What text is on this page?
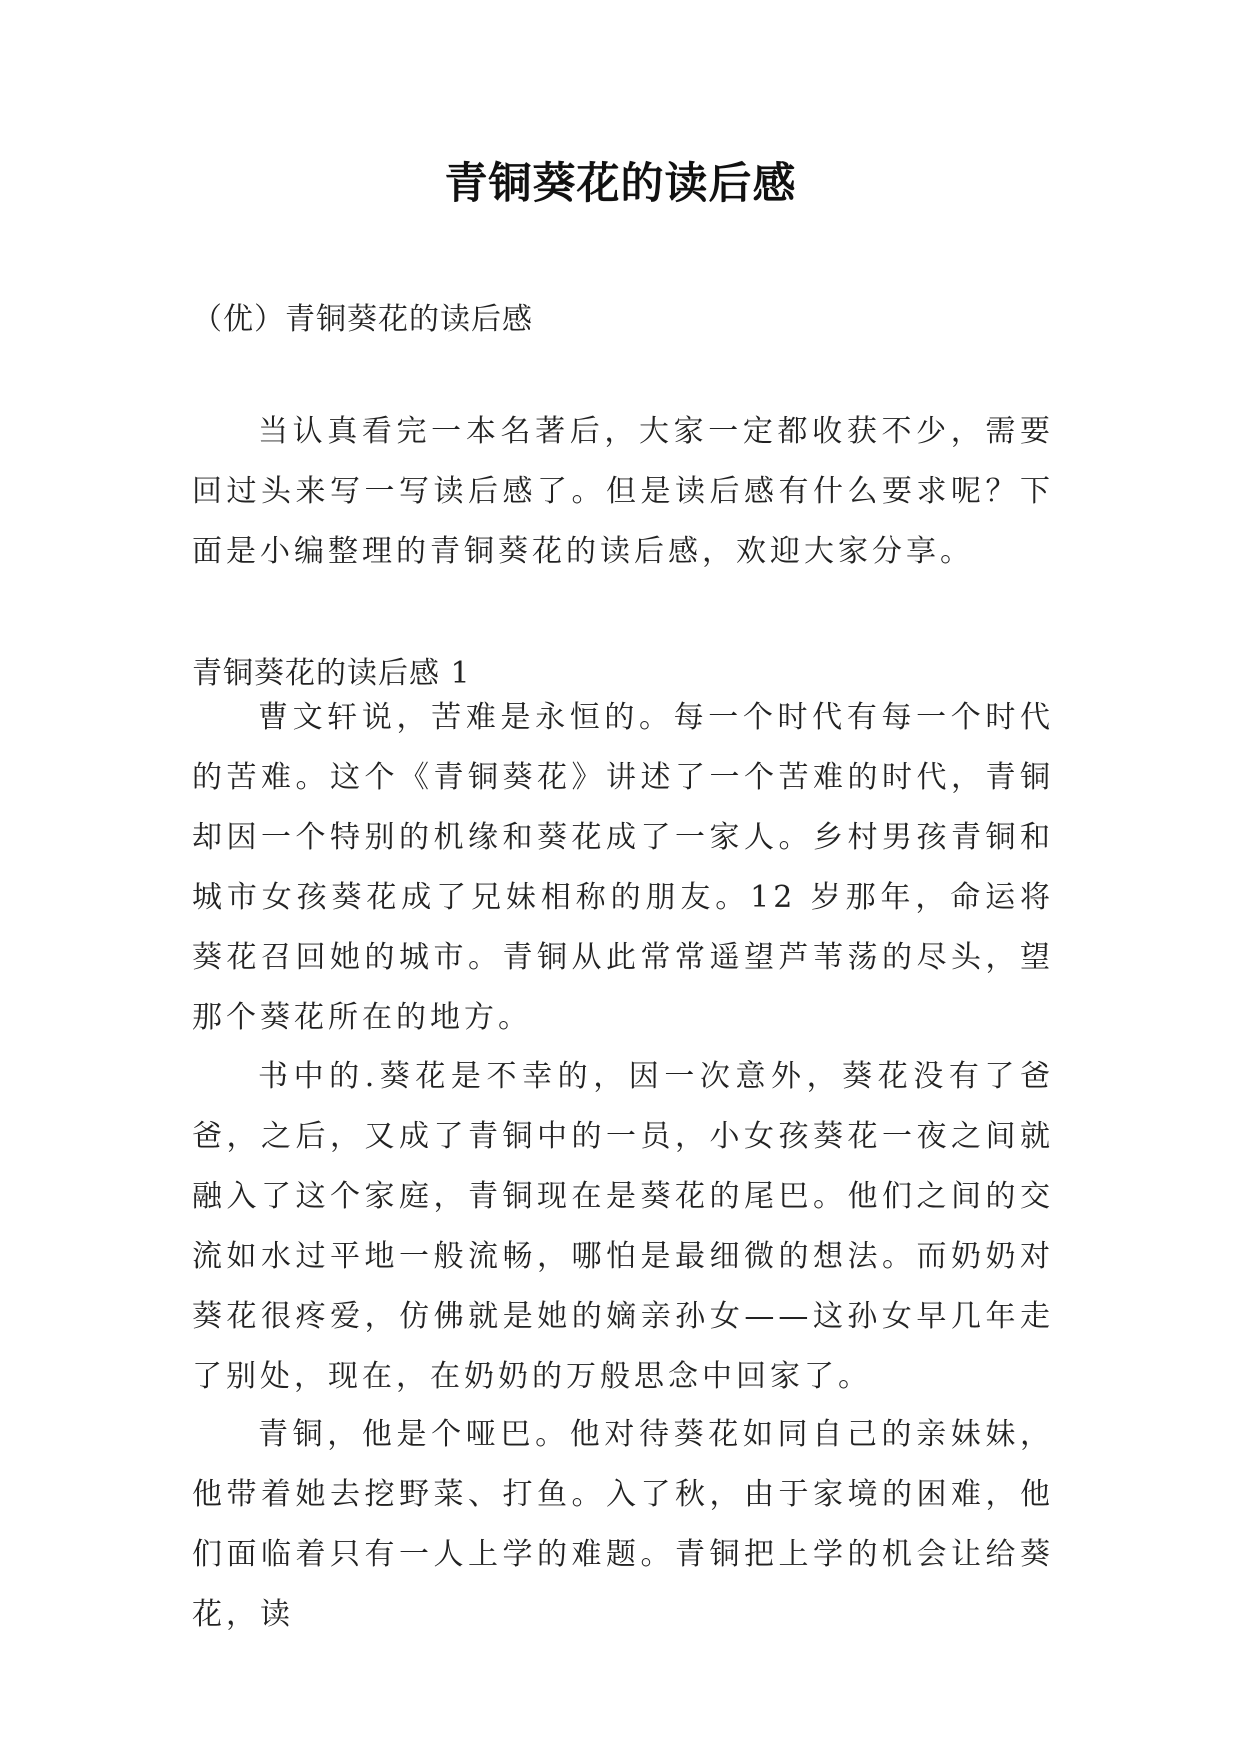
青铜葵花的读后感
（优）青铜葵花的读后感

当认真看完一本名著后，大家一定都收获不少，需要回过头来写一写读后感了。但是读后感有什么要求呢？下面是小编整理的青铜葵花的读后感，欢迎大家分享。

青铜葵花的读后感 1

曹文轩说，苦难是永恒的。每一个时代有每一个时代的苦难。这个《青铜葵花》讲述了一个苦难的时代，青铜却因一个特别的机缘和葵花成了一家人。乡村男孩青铜和城市女孩葵花成了兄妹相称的朋友。12 岁那年，命运将葵花召回她的城市。青铜从此常常遥望芦苇荡的尽头，望那个葵花所在的地方。

书中的.葵花是不幸的，因一次意外，葵花没有了爸爸，之后，又成了青铜中的一员，小女孩葵花一夜之间就融入了这个家庭，青铜现在是葵花的尾巴。他们之间的交流如水过平地一般流畅，哪怕是最细微的想法。而奶奶对葵花很疼爱，仿佛就是她的嫡亲孙女——这孙女早几年走了别处，现在，在奶奶的万般思念中回家了。

青铜，他是个哑巴。他对待葵花如同自己的亲妹妹，他带着她去挖野菜、打鱼。入了秋，由于家境的困难，他们面临着只有一人上学的难题。青铜把上学的机会让给葵花，读
